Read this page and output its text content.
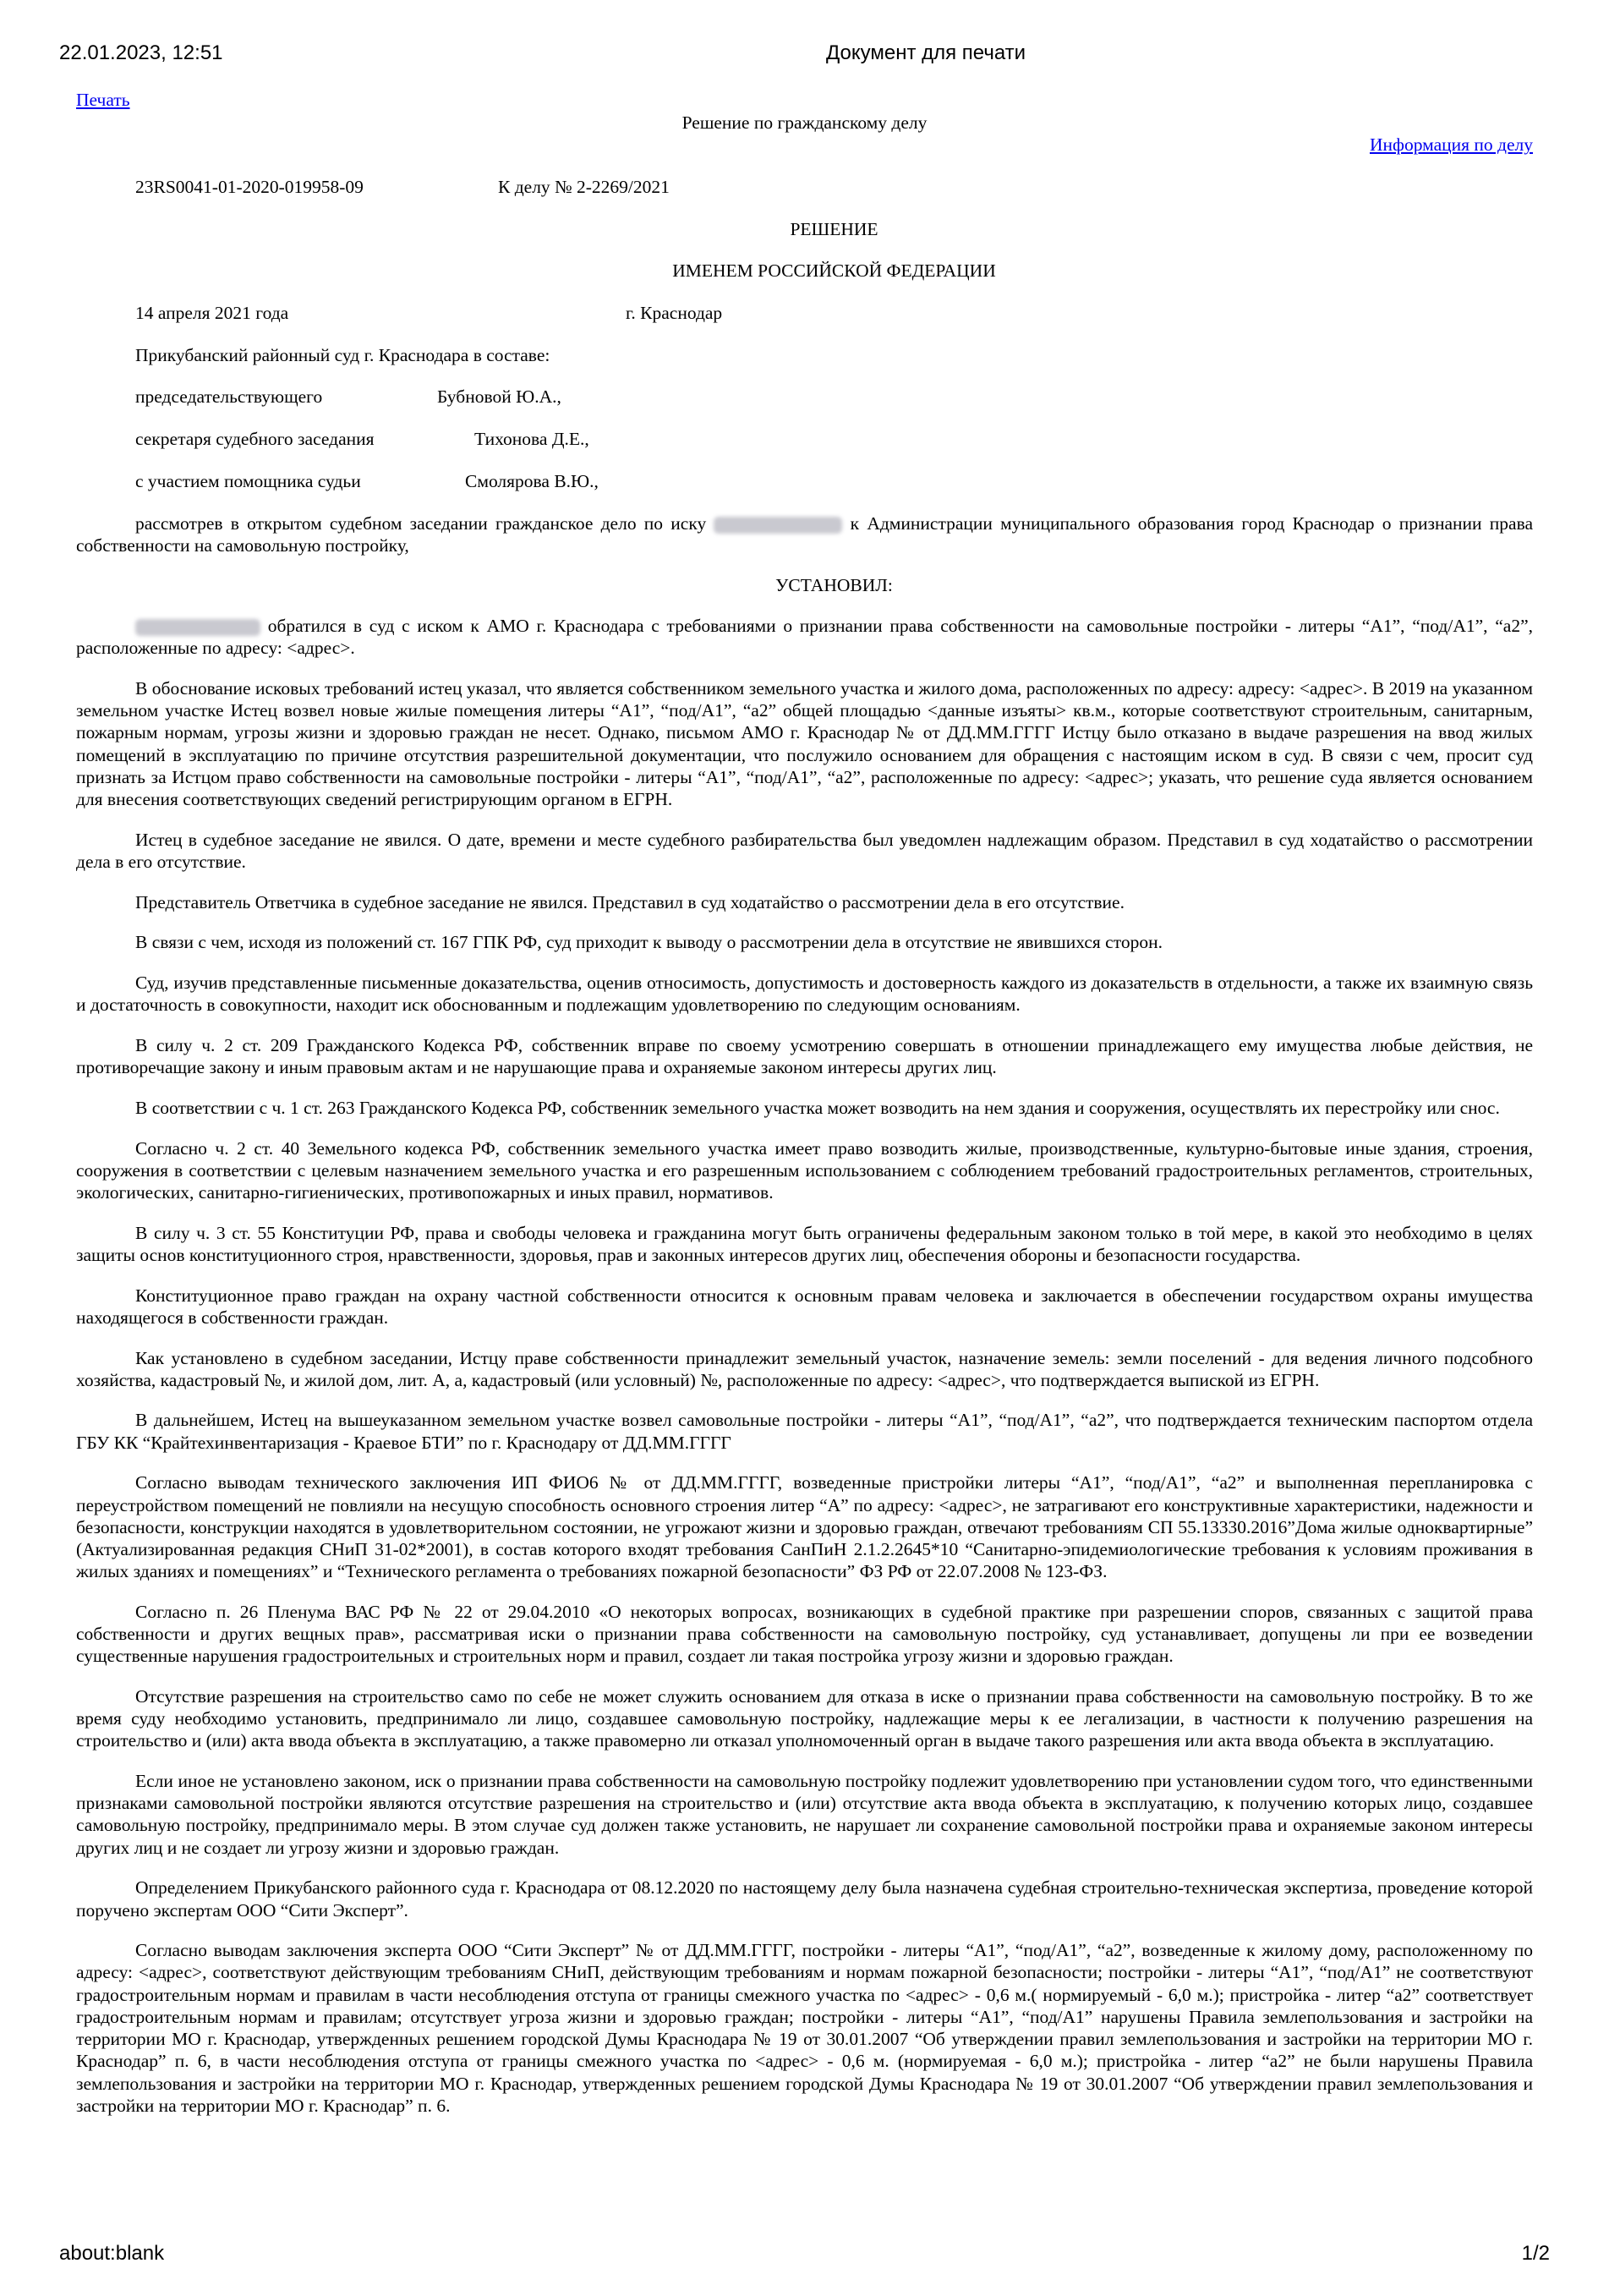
22.01.2023, 12:51	Документ для печати
Печать
Решение по гражданскому делу
Информация по делу
23RS0041-01-2020-019958-09	К делу № 2-2269/2021
РЕШЕНИЕ
ИМЕНЕМ РОССИЙСКОЙ ФЕДЕРАЦИИ
14 апреля 2021 года	г. Краснодар
Прикубанский районный суд г. Краснодара в составе:
председательствующего	Бубновой Ю.А.,
секретаря судебного заседания	Тихонова Д.Е.,
с участием помощника судьи	Смолярова В.Ю.,

рассмотрев в открытом судебном заседании гражданское дело по иску	к Администрации муниципального образования город Краснодар о признании права собственности на самовольную постройку,

УСТАНОВИЛ:

обратился в суд с иском к АМО г. Краснодара с требованиями о признании права собственности на самовольные постройки - литеры “А1”, “под/А1”, “а2”, расположенные по адресу: <адрес>.

В обоснование исковых требований истец указал, что является собственником земельного участка и жилого дома, расположенных по адресу: адресу: <адрес>. В 2019 на указанном земельном участке Истец возвел новые жилые помещения литеры “А1”, “под/А1”, “а2” общей площадью <данные изъяты> кв.м., которые соответствуют строительным, санитарным, пожарным нормам, угрозы жизни и здоровью граждан не несет. Однако, письмом АМО г. Краснодар № от ДД.ММ.ГГГГ Истцу было отказано в выдаче разрешения на ввод жилых помещений в эксплуатацию по причине отсутствия разрешительной документации, что послужило основанием для обращения с настоящим иском в суд. В связи с чем, просит суд признать за Истцом право собственности на самовольные постройки - литеры “А1”, “под/А1”, “а2”, расположенные по адресу: <адрес>; указать, что решение суда является основанием для внесения соответствующих сведений регистрирующим органом в ЕГРН.

Истец в судебное заседание не явился. О дате, времени и месте судебного разбирательства был уведомлен надлежащим образом. Представил в суд ходатайство о рассмотрении дела в его отсутствие.

Представитель Ответчика в судебное заседание не явился. Представил в суд ходатайство о рассмотрении дела в его отсутствие.

В связи с чем, исходя из положений ст. 167 ГПК РФ, суд приходит к выводу о рассмотрении дела в отсутствие не явившихся сторон.

Суд, изучив представленные письменные доказательства, оценив относимость, допустимость и достоверность каждого из доказательств в отдельности, а также их взаимную связь и достаточность в совокупности, находит иск обоснованным и подлежащим удовлетворению по следующим основаниям.

В силу ч. 2 ст. 209 Гражданского Кодекса РФ, собственник вправе по своему усмотрению совершать в отношении принадлежащего ему имущества любые действия, не противоречащие закону и иным правовым актам и не нарушающие права и охраняемые законом интересы других лиц.

В соответствии с ч. 1 ст. 263 Гражданского Кодекса РФ, собственник земельного участка может возводить на нем здания и сооружения, осуществлять их перестройку или снос.

Согласно ч. 2 ст. 40 Земельного кодекса РФ, собственник земельного участка имеет право возводить жилые, производственные, культурно-бытовые иные здания, строения, сооружения в соответствии с целевым назначением земельного участка и его разрешенным использованием с соблюдением требований градостроительных регламентов, строительных, экологических, санитарно-гигиенических, противопожарных и иных правил, нормативов.

В силу ч. 3 ст. 55 Конституции РФ, права и свободы человека и гражданина могут быть ограничены федеральным законом только в той мере, в какой это необходимо в целях защиты основ конституционного строя, нравственности, здоровья, прав и законных интересов других лиц, обеспечения обороны и безопасности государства.

Конституционное право граждан на охрану частной собственности относится к основным правам человека и заключается в обеспечении государством охраны имущества находящегося в собственности граждан.

Как установлено в судебном заседании, Истцу праве собственности принадлежит земельный участок, назначение земель: земли поселений - для ведения личного подсобного хозяйства, кадастровый №, и жилой дом, лит. А, а, кадастровый (или условный) №, расположенные по адресу: <адрес>, что подтверждается выпиской из ЕГРН.

В дальнейшем, Истец на вышеуказанном земельном участке возвел самовольные постройки - литеры “А1”, “под/А1”, “а2”, что подтверждается техническим паспортом отдела ГБУ КК “Крайтехинвентаризация - Краевое БТИ” по г. Краснодару от ДД.ММ.ГГГГ

Согласно выводам технического заключения ИП ФИО6 № от ДД.ММ.ГГГГ, возведенные пристройки литеры “А1”, “под/А1”, “а2” и выполненная перепланировка с переустройством помещений не повлияли на несущую способность основного строения литер “А” по адресу: <адрес>, не затрагивают его конструктивные характеристики, надежности и безопасности, конструкции находятся в удовлетворительном состоянии, не угрожают жизни и здоровью граждан, отвечают требованиям СП 55.13330.2016”Дома жилые одноквартирные” (Актуализированная редакция СНиП 31-02*2001), в состав которого входят требования СанПиН 2.1.2.2645*10 “Санитарно-эпидемиологические требования к условиям проживания в жилых зданиях и помещениях” и “Технического регламента о требованиях пожарной безопасности” ФЗ РФ от 22.07.2008 № 123-ФЗ.

Согласно п. 26 Пленума ВАС РФ № 22 от 29.04.2010 «О некоторых вопросах, возникающих в судебной практике при разрешении споров, связанных с защитой права собственности и других вещных прав», рассматривая иски о признании права собственности на самовольную постройку, суд устанавливает, допущены ли при ее возведении существенные нарушения градостроительных и строительных норм и правил, создает ли такая постройка угрозу жизни и здоровью граждан.

Отсутствие разрешения на строительство само по себе не может служить основанием для отказа в иске о признании права собственности на самовольную постройку. В то же время суду необходимо установить, предпринимало ли лицо, создавшее самовольную постройку, надлежащие меры к ее легализации, в частности к получению разрешения на строительство и (или) акта ввода объекта в эксплуатацию, а также правомерно ли отказал уполномоченный орган в выдаче такого разрешения или акта ввода объекта в эксплуатацию.

Если иное не установлено законом, иск о признании права собственности на самовольную постройку подлежит удовлетворению при установлении судом того, что единственными признаками самовольной постройки являются отсутствие разрешения на строительство и (или) отсутствие акта ввода объекта в эксплуатацию, к получению которых лицо, создавшее самовольную постройку, предпринимало меры. В этом случае суд должен также установить, не нарушает ли сохранение самовольной постройки права и охраняемые законом интересы других лиц и не создает ли угрозу жизни и здоровью граждан.

Определением Прикубанского районного суда г. Краснодара от 08.12.2020 по настоящему делу была назначена судебная строительно-техническая экспертиза, проведение которой поручено экспертам ООО “Сити Эксперт”.

Согласно выводам заключения эксперта ООО “Сити Эксперт” № от ДД.ММ.ГГГГ, постройки - литеры “А1”, “под/А1”, “а2”, возведенные к жилому дому, расположенному по адресу: <адрес>, соответствуют действующим требованиям СНиП, действующим требованиям и нормам пожарной безопасности; постройки - литеры “А1”, “под/А1” не соответствуют градостроительным нормам и правилам в части несоблюдения отступа от границы смежного участка по <адрес> - 0,6 м.( нормируемый - 6,0 м.); пристройка - литер “а2” соответствует градостроительным нормам и правилам; отсутствует угроза жизни и здоровью граждан; постройки - литеры “А1”, “под/А1” нарушены Правила землепользования и застройки на территории МО г. Краснодар, утвержденных решением городской Думы Краснодара № 19 от 30.01.2007 “Об утверждении правил землепользования и застройки на территории МО г. Краснодар” п. 6, в части несоблюдения отступа от границы смежного участка по <адрес> - 0,6 м. (нормируемая - 6,0 м.); пристройка - литер “а2” не были нарушены Правила землепользования и застройки на территории МО г. Краснодар, утвержденных решением городской Думы Краснодара № 19 от 30.01.2007 “Об утверждении правил землепользования и застройки на территории МО г. Краснодар” п. 6.

about:blank	1/2
